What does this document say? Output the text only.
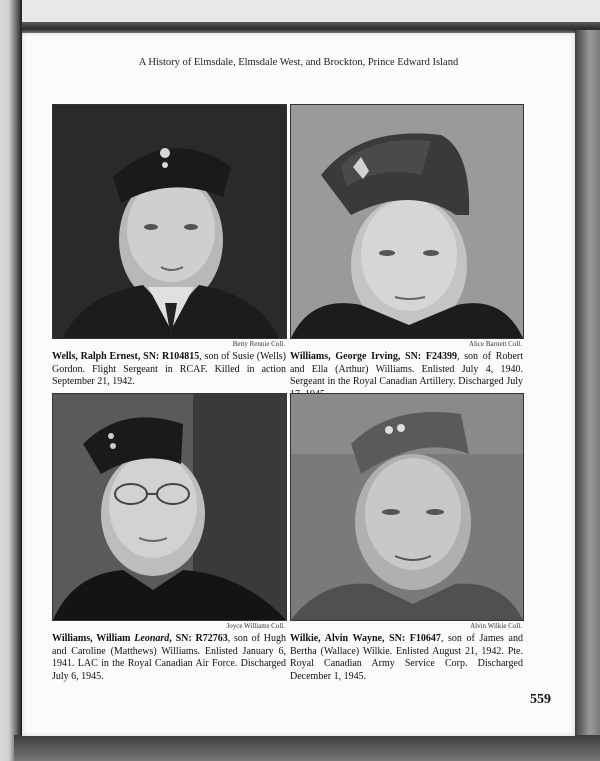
A History of Elmsdale, Elmsdale West, and Brockton, Prince Edward Island
Betty Rennie Coll.
Wells, Ralph Ernest, SN: R104815, son of Susie (Wells) Gordon. Flight Sergeant in RCAF. Killed in action September 21, 1942.
Alice Barnett Coll.
Williams, George Irving, SN: F24399, son of Robert and Ella (Arthur) Williams. Enlisted July 4, 1940. Sergeant in the Royal Canadian Artillery. Discharged July
Joyce Williams Coll.
Williams, William Leonard, SN: R72763, son of Hugh and Caroline (Matthews) Williams. Enlisted January 6, 1941. LAC in the Royal Canadian Air Force. Discharged July 6, 1945.
Alvin Wilkie Coll.
Wilkie, Alvin Wayne, SN: F10647, son of James and Bertha (Wallace) Wilkie. Enlisted August 21, 1942. Pte. Royal Canadian Army Service Corp. Discharged December 1, 1945.
559
